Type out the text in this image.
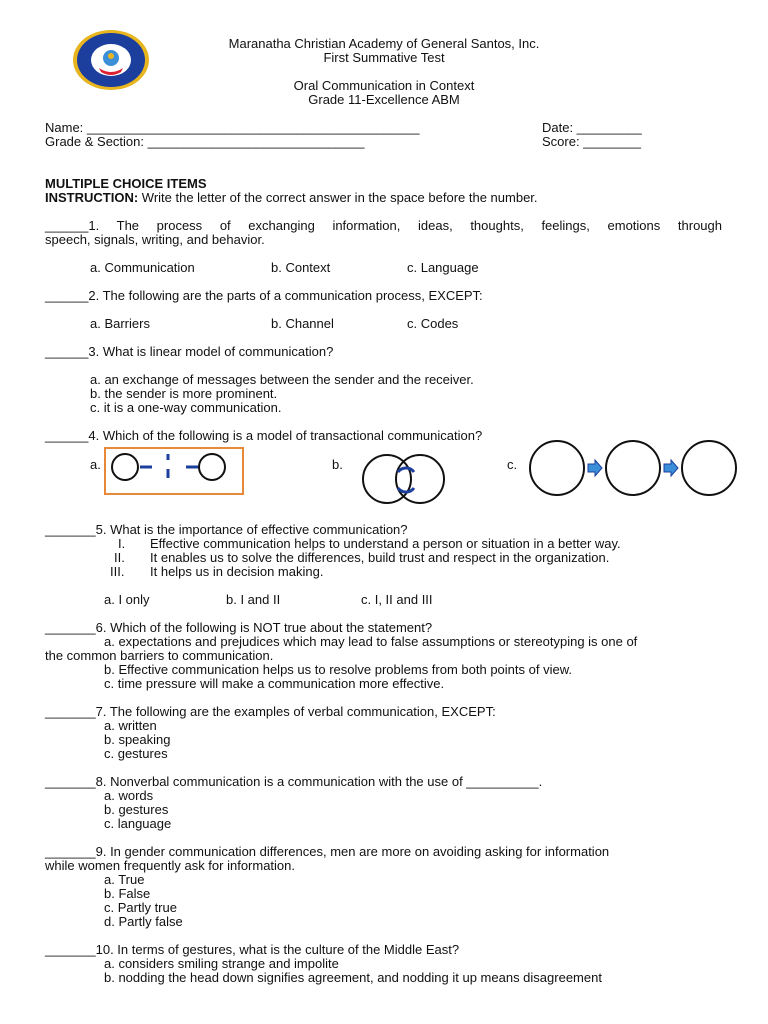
Maranatha Christian Academy of General Santos, Inc.
First Summative Test
Oral Communication in Context
Grade 11-Excellence ABM
Name: ______________________________________________	Date: _________
Grade & Section: ______________________________	Score: ________
MULTIPLE CHOICE ITEMS
INSTRUCTION: Write the letter of the correct answer in the space before the number.
______1. The process of exchanging information, ideas, thoughts, feelings, emotions through
speech, signals, writing, and behavior.
a. Communication	b. Context	c. Language
______2. The following are the parts of a communication process, EXCEPT:
a. Barriers	b. Channel	c. Codes
______3. What is linear model of communication?
a. an exchange of messages between the sender and the receiver.
b. the sender is more prominent.
c. it is a one-way communication.
______4. Which of the following is a model of transactional communication?
a.	b.	c.
_______5. What is the importance of effective communication?
I. Effective communication helps to understand a person or situation in a better way.
II. It enables us to solve the differences, build trust and respect in the organization.
III. It helps us in decision making.
a. I only	b. I and II	c. I, II and III
_______6. Which of the following is NOT true about the statement?
a. expectations and prejudices which may lead to false assumptions or stereotyping is one of
the common barriers to communication.
b. Effective communication helps us to resolve problems from both points of view.
c. time pressure will make a communication more effective.
_______7. The following are the examples of verbal communication, EXCEPT:
a. written
b. speaking
c. gestures
_______8. Nonverbal communication is a communication with the use of __________.
a. words
b. gestures
c. language
_______9. In gender communication differences, men are more on avoiding asking for information
while women frequently ask for information.
a. True
b. False
c. Partly true
d. Partly false
_______10. In terms of gestures, what is the culture of the Middle East?
a. considers smiling strange and impolite
b. nodding the head down signifies agreement, and nodding it up means disagreement
